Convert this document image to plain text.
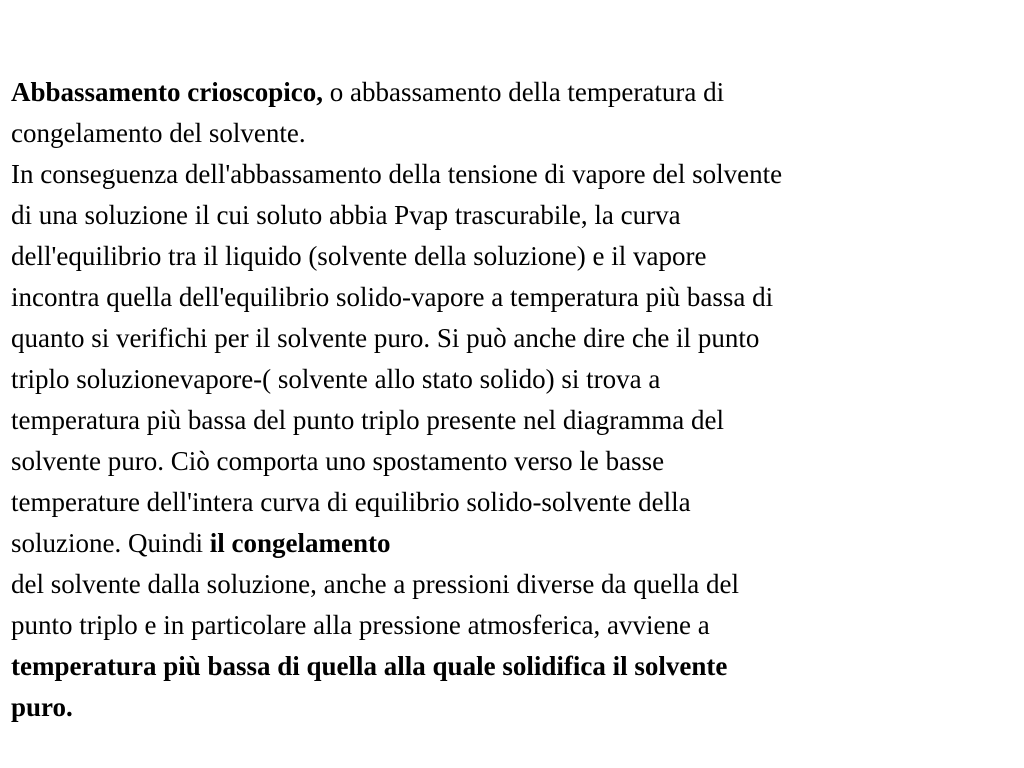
Abbassamento crioscopico, o abbassamento della temperatura di
congelamento del solvente.
In conseguenza dell'abbassamento della tensione di vapore del solvente
di una soluzione il cui soluto abbia Pvap trascurabile, la curva
dell'equilibrio tra il liquido (solvente della soluzione) e il vapore
incontra quella dell'equilibrio solido-vapore a temperatura più bassa di
quanto si verifichi per il solvente puro. Si può anche dire che il punto
triplo soluzionevapore-( solvente allo stato solido) si trova a
temperatura più bassa del punto triplo presente nel diagramma del
solvente puro. Ciò comporta uno spostamento verso le basse
temperature dell'intera curva di equilibrio solido-solvente della
soluzione. Quindi il congelamento
del solvente dalla soluzione, anche a pressioni diverse da quella del
punto triplo e in particolare alla pressione atmosferica, avviene a
temperatura più bassa di quella alla quale solidifica il solvente
puro.
